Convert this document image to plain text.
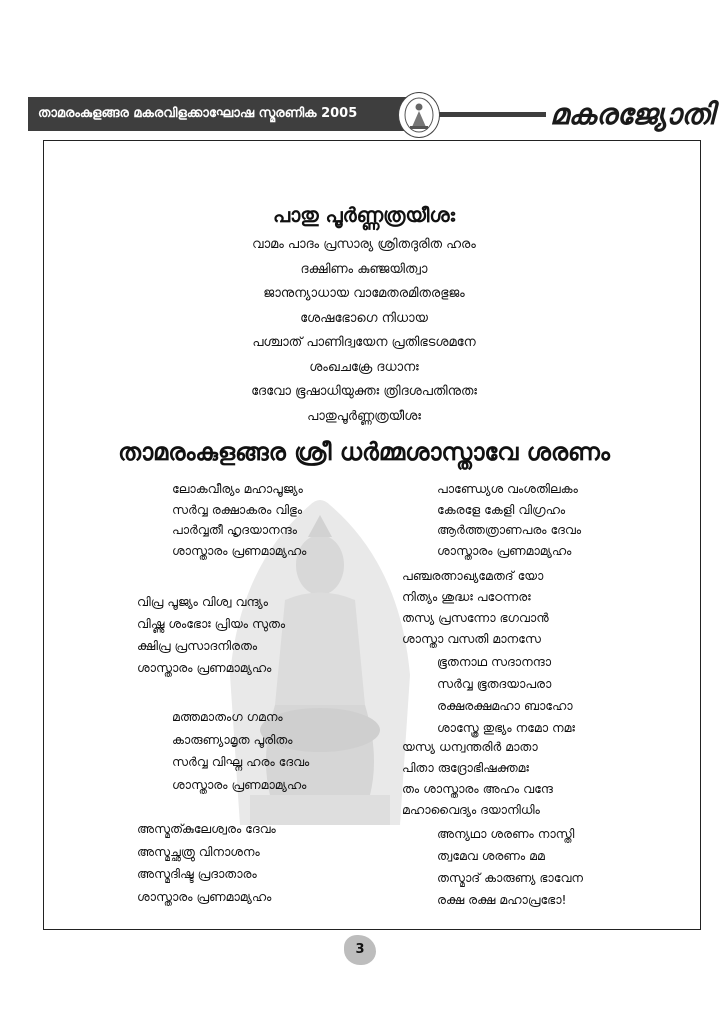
താമരംകുളങ്ങര മകരവിളക്കാഘോഷ സ്മരണിക 2005	മകരജ്യോതി
പാതു പൂർണ്ണത്രയീശഃ
വാമം പാദം പ്രസാര്യ ശ്രിതദുരിത ഹരം
ദക്ഷിണം കുഞ്ജയിത്വാ
ജാനുന്യാധായ വാമേതരമിതരഭുജം
ശേഷഭോഗെ നിധായ
പശ്ചാത് പാണിദ്വയേന പ്രതിഭടശമനേ
ശംഖചക്രേ ദധാനഃ
ദേവോ ഭൂഷാധിയുക്തഃ ത്രിദശപതിനുതഃ
പാതുപൂർണ്ണത്രയീശഃ
താമരംകുളങ്ങര ശ്രീ ധർമ്മശാസ്താവേ ശരണം
ലോകവീര്യം മഹാപൂജ്യം
സർവ്വ രക്ഷാകരം വിഭും
പാർവ്വതീ ഹൃദയാനന്ദം
ശാസ്താരം പ്രണമാമ്യഹം
വിപ്ര പൂജ്യം വിശ്വ വന്ദ്യം
വിഷ്ണു ശംഭോഃ പ്രിയം സുതം
ക്ഷിപ്ര പ്രസാദനിരതം
ശാസ്താരം പ്രണമാമ്യഹം
മത്തമാതംഗ ഗമനം
കാരുണ്യാമൃത പൂരിതം
സർവ്വ വിഘ്ന ഹരം ദേവം
ശാസ്താരം പ്രണമാമ്യഹം
അസ്മത്കുലേശ്വരം ദേവം
അസ്മച്ഛത്രു വിനാശനം
അസ്മദിഷ്ട പ്രദാതാരം
ശാസ്താരം പ്രണമാമ്യഹം
പാണ്ഡ്യേശ വംശതിലകം
കേരളേ കേളി വിഗ്രഹം
ആർത്തത്രാണപരം ദേവം
ശാസ്താരം പ്രണമാമ്യഹം
പഞ്ചരത്നാഖ്യമേതദ് യോ
നിത്യം ശുദ്ധഃ പഠേന്നരഃ
തസ്യ പ്രസന്നോ ഭഗവാൻ
ശാസ്താ വസതി മാനസേ
ഭൂതനാഥ സദാനന്ദാ
സർവ്വ ഭൂതദയാപരാ
രക്ഷരക്ഷമഹാ ബാഹോ
ശാസ്ത്രേ തുഭ്യം നമോ നമഃ
യസ്യ ധന്വന്തരിർ മാതാ
പിതാ രുദ്രോഭിഷക്തമഃ
തം ശാസ്താരം അഹം വന്ദേ
മഹാവൈദ്യം ദയാനിധിം
അന്യഥാ ശരണം നാസ്തി
ത്വമേവ ശരണം മമ
തസ്മാദ് കാരുണ്യ ഭാവേന
രക്ഷ രക്ഷ മഹാപ്രഭോ!
3
